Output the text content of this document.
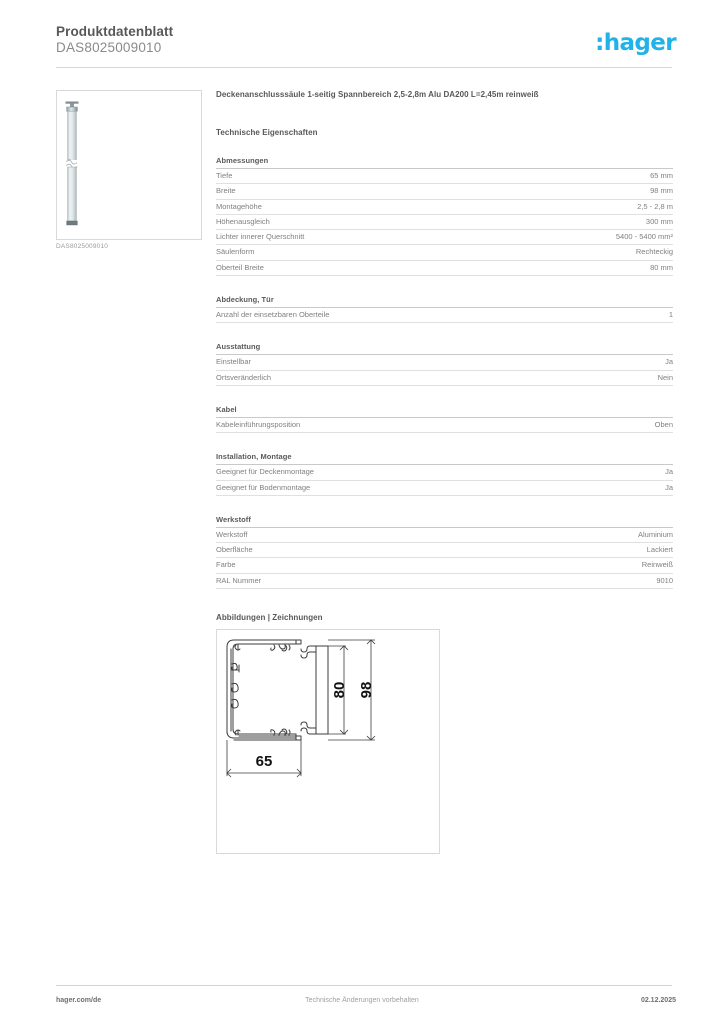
Produktdatenblatt
DAS8025009010	:hager
DAS8025009010
Deckenanschlusssäule 1-seitig Spannbereich 2,5-2,8m Alu DA200 L=2,45m reinweiß
Technische Eigenschaften
Abmessungen
Tiefe	65 mm
Breite	98 mm
Montagehöhe	2,5 - 2,8 m
Höhenausgleich	300 mm
Lichter innerer Querschnitt	5400 - 5400 mm²
Säulenform	Rechteckig
Oberteil Breite	80 mm
Abdeckung, Tür
Anzahl der einsetzbaren Oberteile	1
Ausstattung
Einstellbar	Ja
Ortsveränderlich	Nein
Kabel
Kabeleinführungsposition	Oben
Installation, Montage
Geeignet für Deckenmontage	Ja
Geeignet für Bodenmontage	Ja
Werkstoff
Werkstoff	Aluminium
Oberfläche	Lackiert
Farbe	Reinweiß
RAL Nummer	9010
Abbildungen | Zeichnungen
80 98
65
hager.com/de	Technische Änderungen vorbehalten	02.12.2025
